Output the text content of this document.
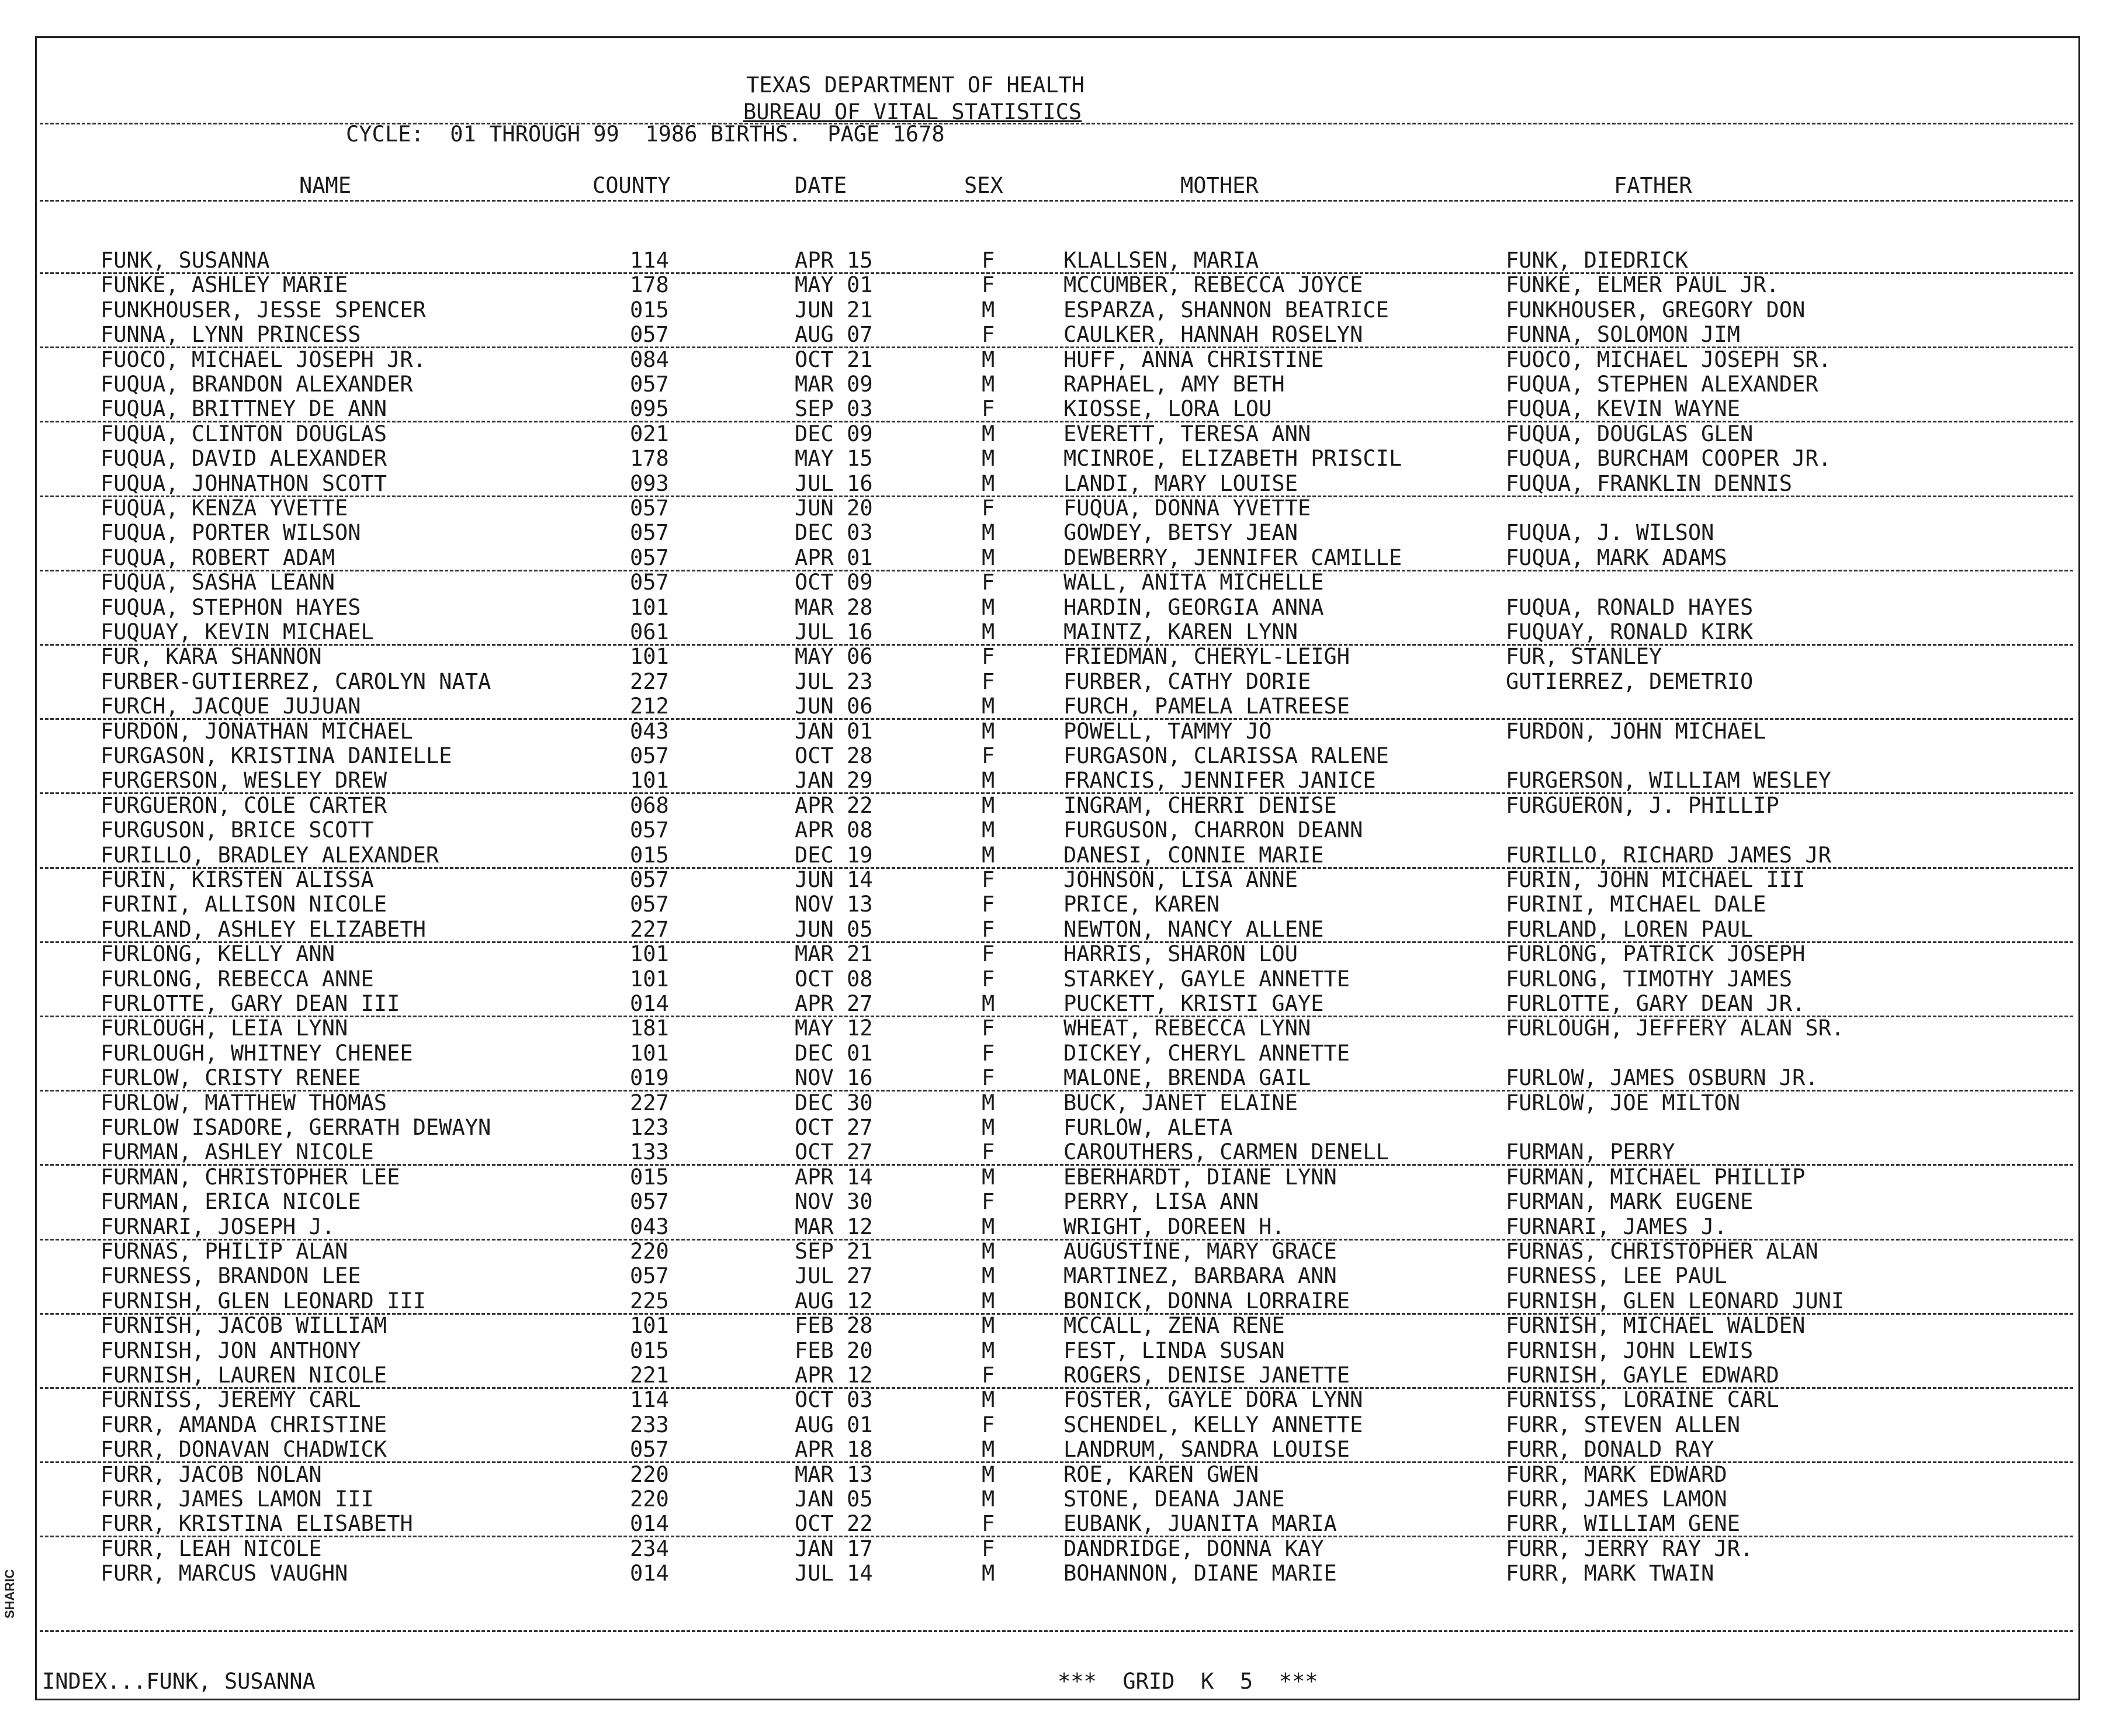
TEXAS DEPARTMENT OF HEALTH
BUREAU OF VITAL STATISTICS
CYCLE:  01 THROUGH 99  1986 BIRTHS.  PAGE 1678
NAME	COUNTY	DATE	SEX	MOTHER	FATHER
FUNK, SUSANNA	114	APR 15	F	KLALLSEN, MARIA	FUNK, DIEDRICK
FUNKE, ASHLEY MARIE	178	MAY 01	F	MCCUMBER, REBECCA JOYCE	FUNKE, ELMER PAUL JR.
FUNKHOUSER, JESSE SPENCER	015	JUN 21	M	ESPARZA, SHANNON BEATRICE	FUNKHOUSER, GREGORY DON
FUNNA, LYNN PRINCESS	057	AUG 07	F	CAULKER, HANNAH ROSELYN	FUNNA, SOLOMON JIM
FUOCO, MICHAEL JOSEPH JR.	084	OCT 21	M	HUFF, ANNA CHRISTINE	FUOCO, MICHAEL JOSEPH SR.
FUQUA, BRANDON ALEXANDER	057	MAR 09	M	RAPHAEL, AMY BETH	FUQUA, STEPHEN ALEXANDER
FUQUA, BRITTNEY DE ANN	095	SEP 03	F	KIOSSE, LORA LOU	FUQUA, KEVIN WAYNE
FUQUA, CLINTON DOUGLAS	021	DEC 09	M	EVERETT, TERESA ANN	FUQUA, DOUGLAS GLEN
FUQUA, DAVID ALEXANDER	178	MAY 15	M	MCINROE, ELIZABETH PRISCIL	FUQUA, BURCHAM COOPER JR.
FUQUA, JOHNATHON SCOTT	093	JUL 16	M	LANDI, MARY LOUISE	FUQUA, FRANKLIN DENNIS
FUQUA, KENZA YVETTE	057	JUN 20	F	FUQUA, DONNA YVETTE
FUQUA, PORTER WILSON	057	DEC 03	M	GOWDEY, BETSY JEAN	FUQUA, J. WILSON
FUQUA, ROBERT ADAM	057	APR 01	M	DEWBERRY, JENNIFER CAMILLE	FUQUA, MARK ADAMS
FUQUA, SASHA LEANN	057	OCT 09	F	WALL, ANITA MICHELLE
FUQUA, STEPHON HAYES	101	MAR 28	M	HARDIN, GEORGIA ANNA	FUQUA, RONALD HAYES
FUQUAY, KEVIN MICHAEL	061	JUL 16	M	MAINTZ, KAREN LYNN	FUQUAY, RONALD KIRK
FUR, KARA SHANNON	101	MAY 06	F	FRIEDMAN, CHERYL-LEIGH	FUR, STANLEY
FURBER-GUTIERREZ, CAROLYN NATA	227	JUL 23	F	FURBER, CATHY DORIE	GUTIERREZ, DEMETRIO
FURCH, JACQUE JUJUAN	212	JUN 06	M	FURCH, PAMELA LATREESE
FURDON, JONATHAN MICHAEL	043	JAN 01	M	POWELL, TAMMY JO	FURDON, JOHN MICHAEL
FURGASON, KRISTINA DANIELLE	057	OCT 28	F	FURGASON, CLARISSA RALENE
FURGERSON, WESLEY DREW	101	JAN 29	M	FRANCIS, JENNIFER JANICE	FURGERSON, WILLIAM WESLEY
FURGUERON, COLE CARTER	068	APR 22	M	INGRAM, CHERRI DENISE	FURGUERON, J. PHILLIP
FURGUSON, BRICE SCOTT	057	APR 08	M	FURGUSON, CHARRON DEANN
FURILLO, BRADLEY ALEXANDER	015	DEC 19	M	DANESI, CONNIE MARIE	FURILLO, RICHARD JAMES JR
FURIN, KIRSTEN ALISSA	057	JUN 14	F	JOHNSON, LISA ANNE	FURIN, JOHN MICHAEL III
FURINI, ALLISON NICOLE	057	NOV 13	F	PRICE, KAREN	FURINI, MICHAEL DALE
FURLAND, ASHLEY ELIZABETH	227	JUN 05	F	NEWTON, NANCY ALLENE	FURLAND, LOREN PAUL
FURLONG, KELLY ANN	101	MAR 21	F	HARRIS, SHARON LOU	FURLONG, PATRICK JOSEPH
FURLONG, REBECCA ANNE	101	OCT 08	F	STARKEY, GAYLE ANNETTE	FURLONG, TIMOTHY JAMES
FURLOTTE, GARY DEAN III	014	APR 27	M	PUCKETT, KRISTI GAYE	FURLOTTE, GARY DEAN JR.
FURLOUGH, LEIA LYNN	181	MAY 12	F	WHEAT, REBECCA LYNN	FURLOUGH, JEFFERY ALAN SR.
FURLOUGH, WHITNEY CHENEE	101	DEC 01	F	DICKEY, CHERYL ANNETTE
FURLOW, CRISTY RENEE	019	NOV 16	F	MALONE, BRENDA GAIL	FURLOW, JAMES OSBURN JR.
FURLOW, MATTHEW THOMAS	227	DEC 30	M	BUCK, JANET ELAINE	FURLOW, JOE MILTON
FURLOW ISADORE, GERRATH DEWAYN	123	OCT 27	M	FURLOW, ALETA
FURMAN, ASHLEY NICOLE	133	OCT 27	F	CAROUTHERS, CARMEN DENELL	FURMAN, PERRY
FURMAN, CHRISTOPHER LEE	015	APR 14	M	EBERHARDT, DIANE LYNN	FURMAN, MICHAEL PHILLIP
FURMAN, ERICA NICOLE	057	NOV 30	F	PERRY, LISA ANN	FURMAN, MARK EUGENE
FURNARI, JOSEPH J.	043	MAR 12	M	WRIGHT, DOREEN H.	FURNARI, JAMES J.
FURNAS, PHILIP ALAN	220	SEP 21	M	AUGUSTINE, MARY GRACE	FURNAS, CHRISTOPHER ALAN
FURNESS, BRANDON LEE	057	JUL 27	M	MARTINEZ, BARBARA ANN	FURNESS, LEE PAUL
FURNISH, GLEN LEONARD III	225	AUG 12	M	BONICK, DONNA LORRAIRE	FURNISH, GLEN LEONARD JUNI
FURNISH, JACOB WILLIAM	101	FEB 28	M	MCCALL, ZENA RENE	FURNISH, MICHAEL WALDEN
FURNISH, JON ANTHONY	015	FEB 20	M	FEST, LINDA SUSAN	FURNISH, JOHN LEWIS
FURNISH, LAUREN NICOLE	221	APR 12	F	ROGERS, DENISE JANETTE	FURNISH, GAYLE EDWARD
FURNISS, JEREMY CARL	114	OCT 03	M	FOSTER, GAYLE DORA LYNN	FURNISS, LORAINE CARL
FURR, AMANDA CHRISTINE	233	AUG 01	F	SCHENDEL, KELLY ANNETTE	FURR, STEVEN ALLEN
FURR, DONAVAN CHADWICK	057	APR 18	M	LANDRUM, SANDRA LOUISE	FURR, DONALD RAY
FURR, JACOB NOLAN	220	MAR 13	M	ROE, KAREN GWEN	FURR, MARK EDWARD
FURR, JAMES LAMON III	220	JAN 05	M	STONE, DEANA JANE	FURR, JAMES LAMON
FURR, KRISTINA ELISABETH	014	OCT 22	F	EUBANK, JUANITA MARIA	FURR, WILLIAM GENE
FURR, LEAH NICOLE	234	JAN 17	F	DANDRIDGE, DONNA KAY	FURR, JERRY RAY JR.
FURR, MARCUS VAUGHN	014	JUL 14	M	BOHANNON, DIANE MARIE	FURR, MARK TWAIN
INDEX...FUNK, SUSANNA	***  GRID  K  5  ***
SHARIC
